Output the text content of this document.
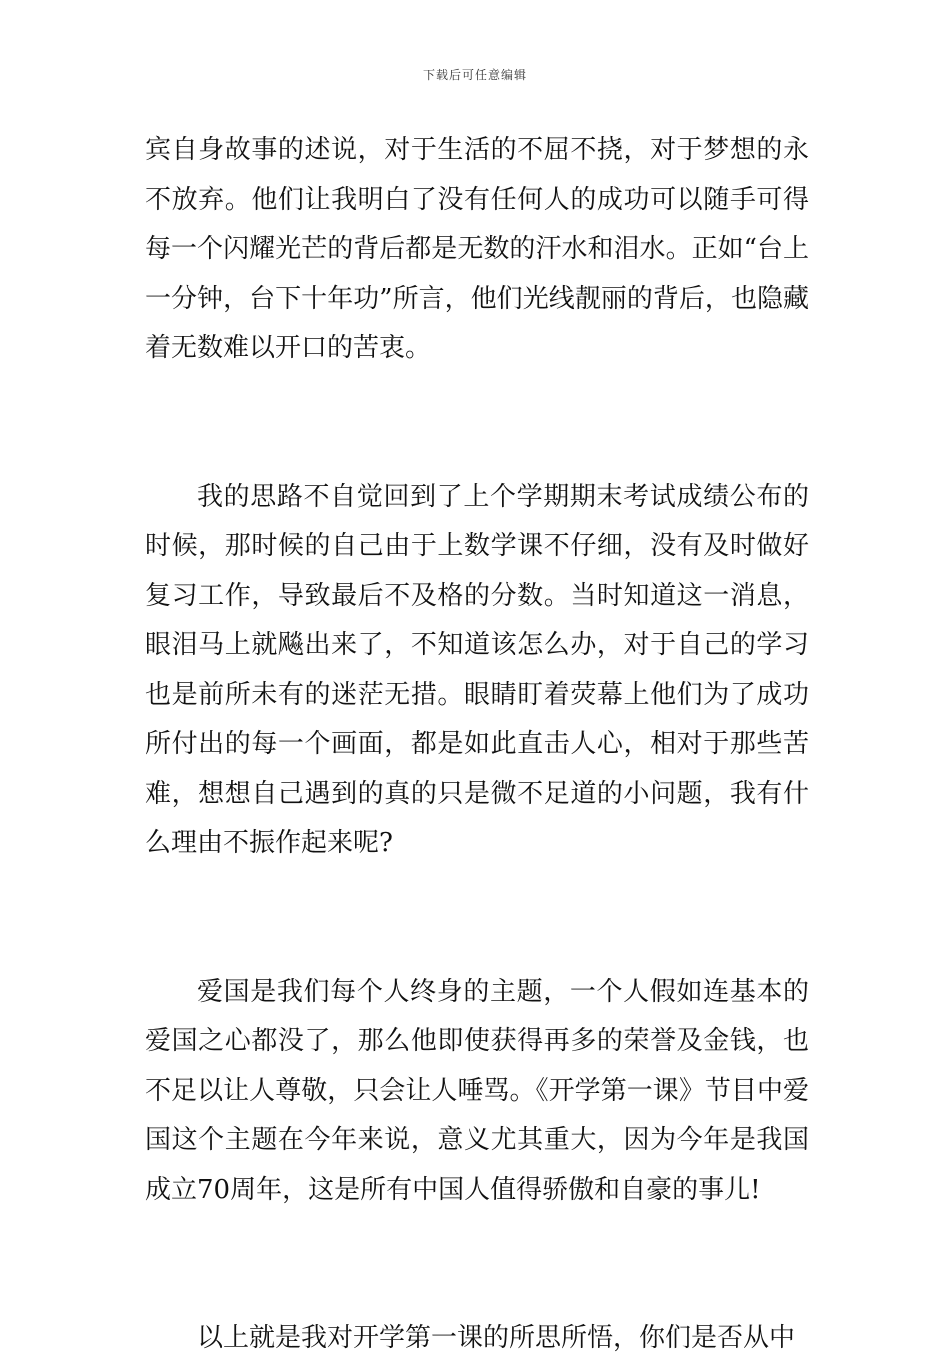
下载后可任意编辑

宾自身故事的述说，对于生活的不屈不挠，对于梦想的永不放弃。他们让我明白了没有任何人的成功可以随手可得每一个闪耀光芒的背后都是无数的汗水和泪水。正如“台上一分钟，台下十年功”所言，他们光线靓丽的背后，也隐藏着无数难以开口的苦衷。

我的思路不自觉回到了上个学期期末考试成绩公布的时候，那时候的自己由于上数学课不仔细，没有及时做好复习工作，导致最后不及格的分数。当时知道这一消息，眼泪马上就飚出来了，不知道该怎么办，对于自己的学习也是前所未有的迷茫无措。眼睛盯着荧幕上他们为了成功所付出的每一个画面，都是如此直击人心，相对于那些苦难，想想自己遇到的真的只是微不足道的小问题，我有什么理由不振作起来呢?

爱国是我们每个人终身的主题，一个人假如连基本的爱国之心都没了，那么他即使获得再多的荣誉及金钱，也不足以让人尊敬，只会让人唾骂。《开学第一课》节目中爱国这个主题在今年来说，意义尤其重大，因为今年是我国成立70周年，这是所有中国人值得骄傲和自豪的事儿!

以上就是我对开学第一课的所思所悟，你们是否从中
